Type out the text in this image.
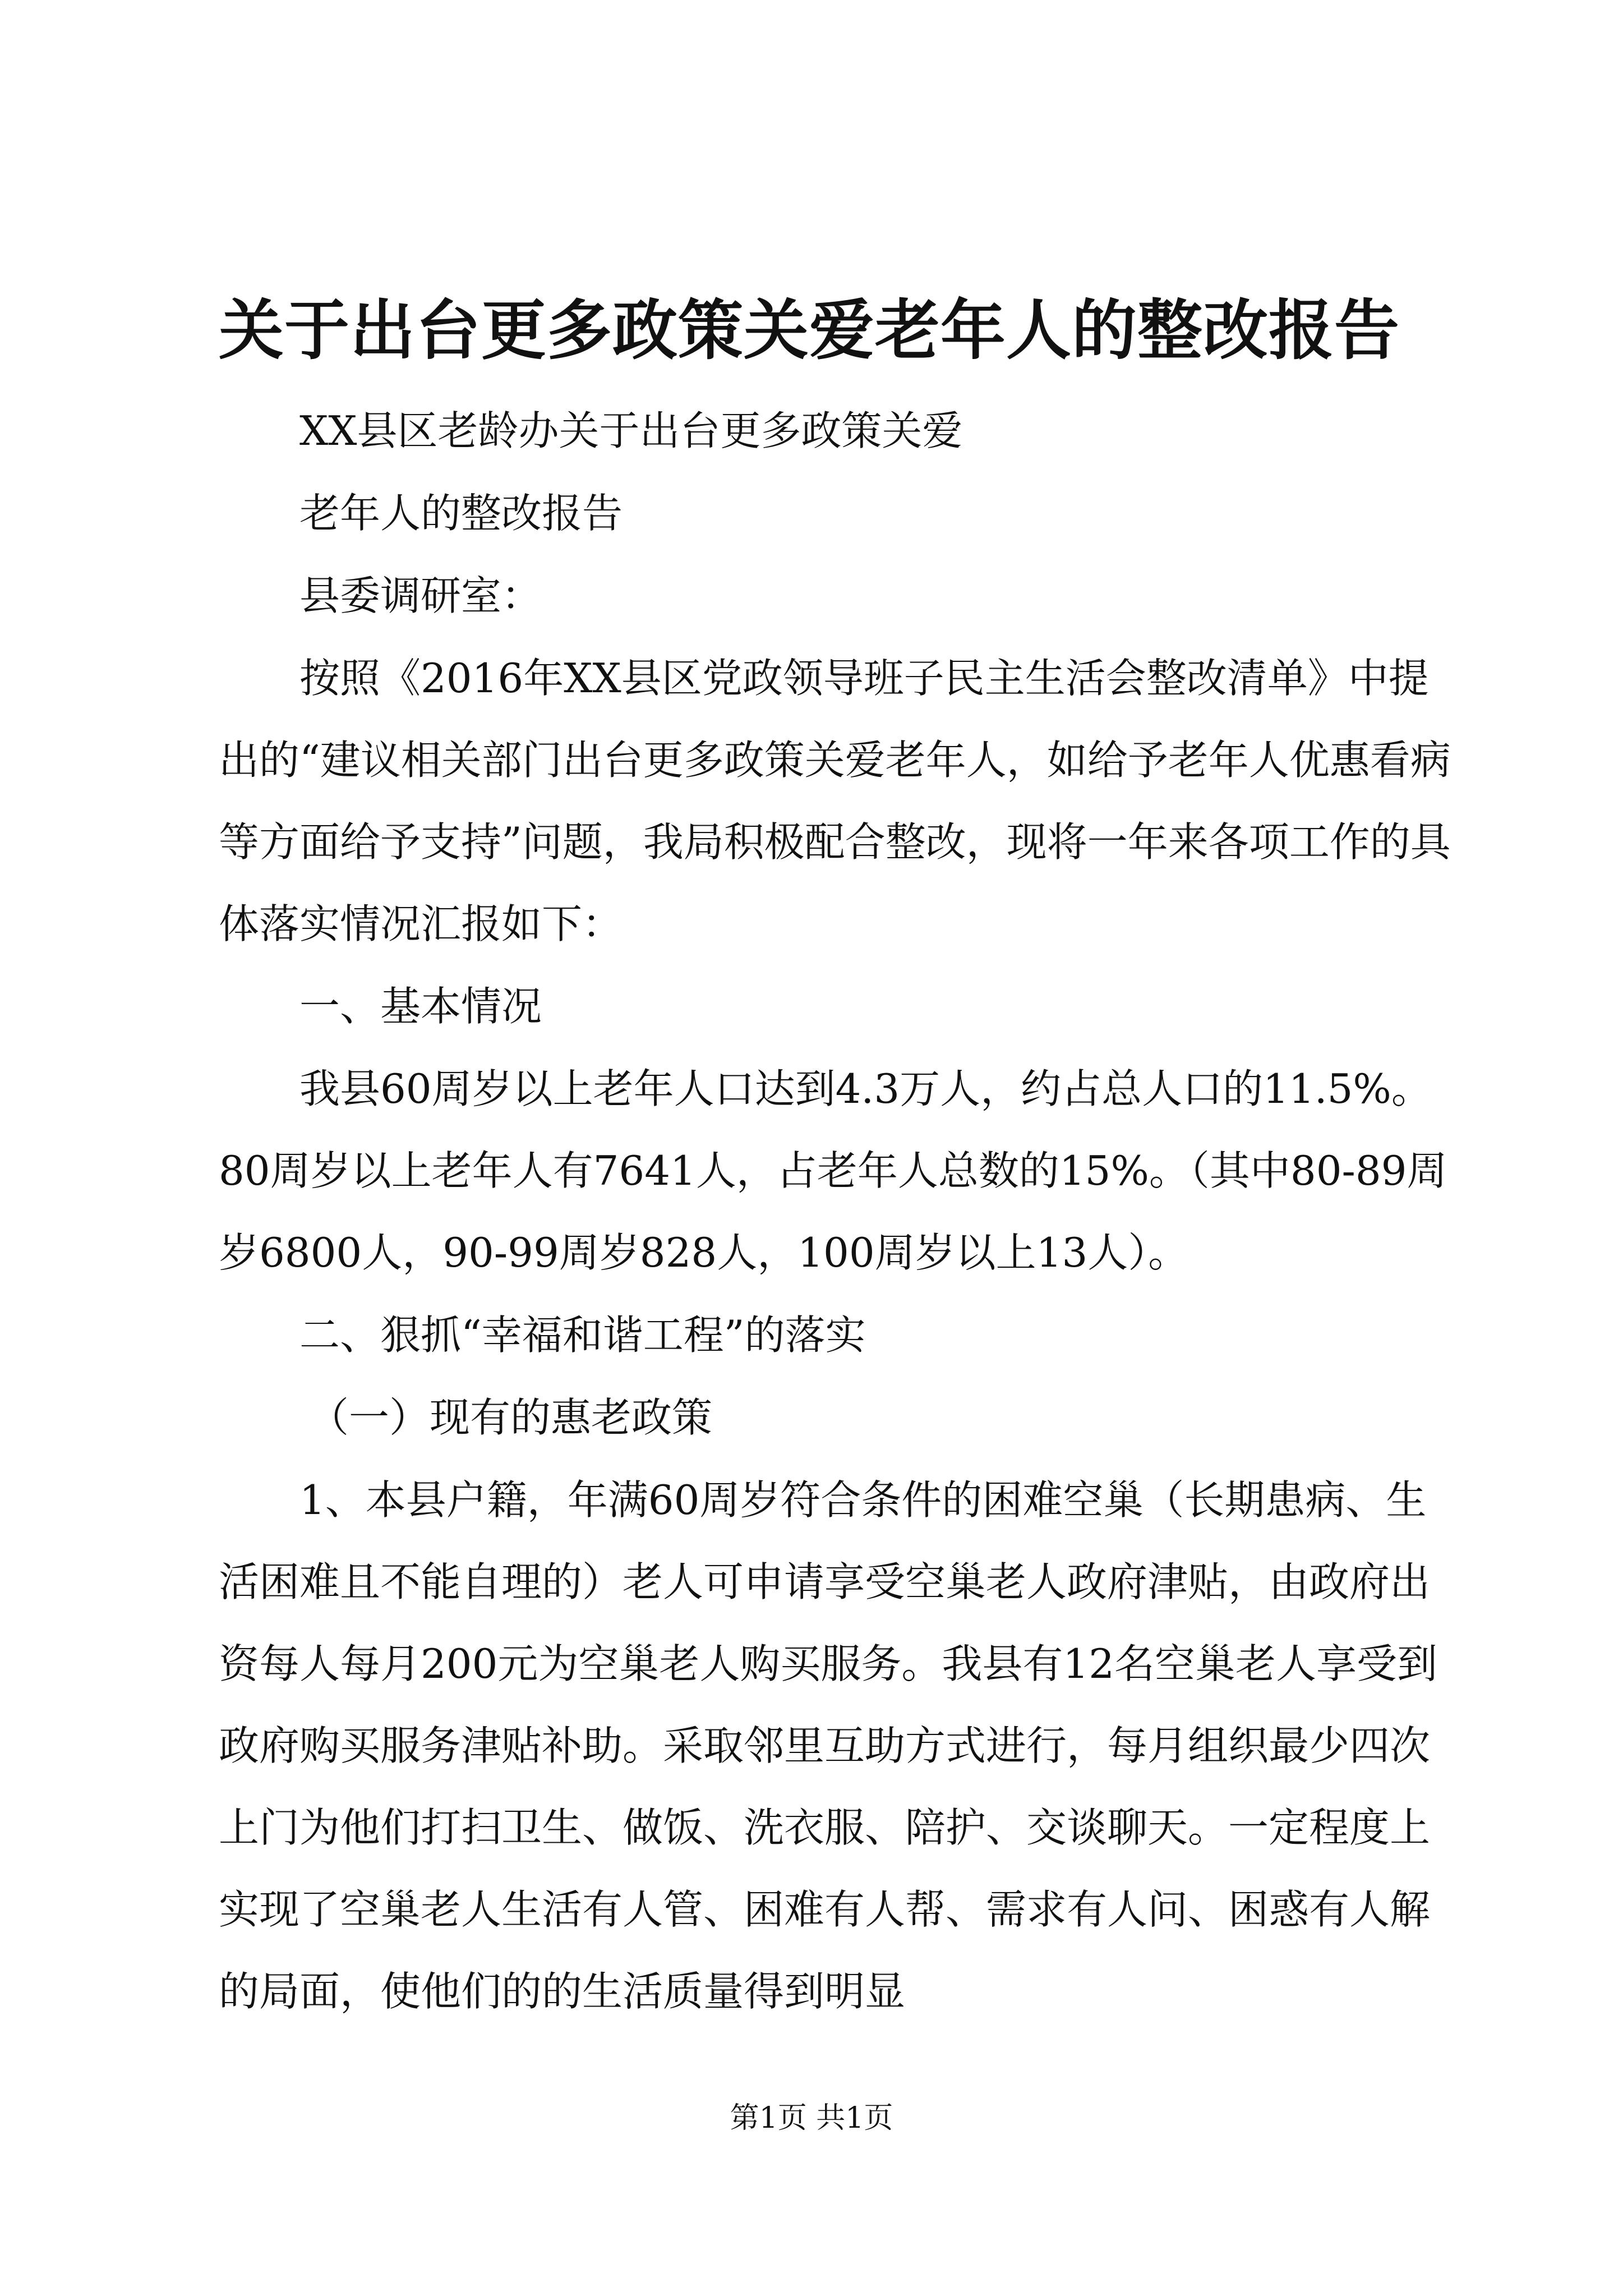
关于出台更多政策关爱老年人的整改报告

XX县区老龄办关于出台更多政策关爱

老年人的整改报告

县委调研室：

按照《2016年XX县区党政领导班子民主生活会整改清单》中提出的“建议相关部门出台更多政策关爱老年人，如给予老年人优惠看病等方面给予支持”问题，我局积极配合整改，现将一年来各项工作的具体落实情况汇报如下：

一、基本情况

我县60周岁以上老年人口达到4.3万人，约占总人口的11.5%。80周岁以上老年人有7641人，占老年人总数的15%。（其中80-89周岁6800人，90-99周岁828人，100周岁以上13人）。

二、狠抓“幸福和谐工程”的落实

（一）现有的惠老政策

1、本县户籍，年满60周岁符合条件的困难空巢（长期患病、生活困难且不能自理的）老人可申请享受空巢老人政府津贴，由政府出资每人每月200元为空巢老人购买服务。我县有12名空巢老人享受到政府购买服务津贴补助。采取邻里互助方式进行，每月组织最少四次上门为他们打扫卫生、做饭、洗衣服、陪护、交谈聊天。一定程度上实现了空巢老人生活有人管、困难有人帮、需求有人问、困惑有人解的局面，使他们的的生活质量得到明显

第1页 共1页
